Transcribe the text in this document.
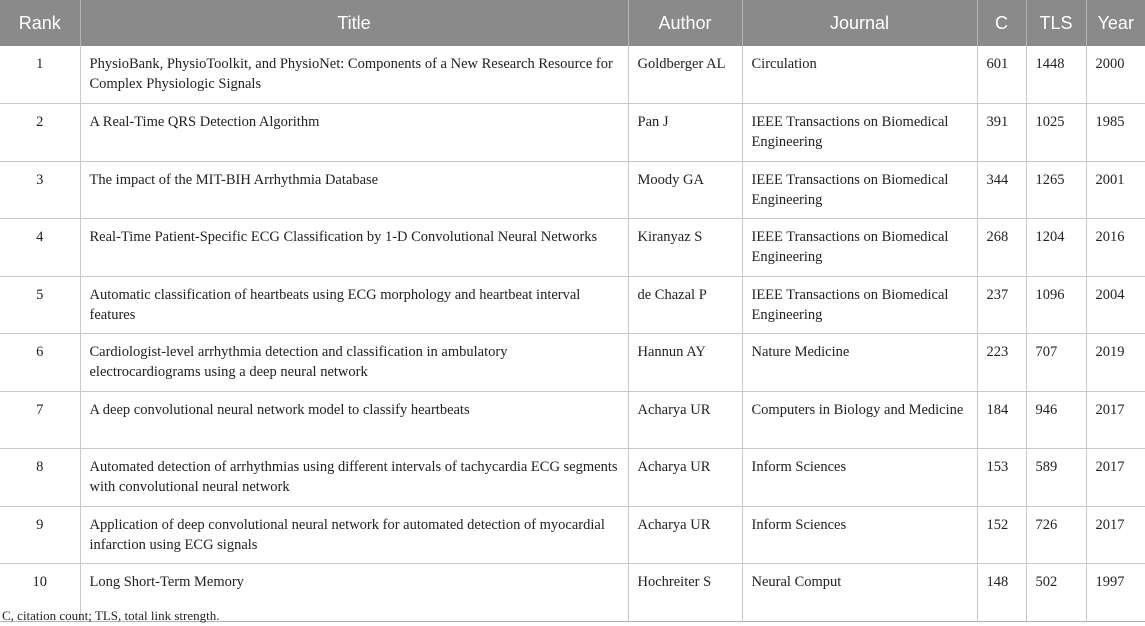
Rank	Title	Author	Journal	C	TLS	Year
1	PhysioBank, PhysioToolkit, and PhysioNet: Components of a New Research Resource for Complex Physiologic Signals	Goldberger AL	Circulation	601	1448	2000
2	A Real-Time QRS Detection Algorithm	Pan J	IEEE Transactions on Biomedical Engineering	391	1025	1985
3	The impact of the MIT-BIH Arrhythmia Database	Moody GA	IEEE Transactions on Biomedical Engineering	344	1265	2001
4	Real-Time Patient-Specific ECG Classification by 1-D Convolutional Neural Networks	Kiranyaz S	IEEE Transactions on Biomedical Engineering	268	1204	2016
5	Automatic classification of heartbeats using ECG morphology and heartbeat interval features	de Chazal P	IEEE Transactions on Biomedical Engineering	237	1096	2004
6	Cardiologist-level arrhythmia detection and classification in ambulatory electrocardiograms using a deep neural network	Hannun AY	Nature Medicine	223	707	2019
7	A deep convolutional neural network model to classify heartbeats	Acharya UR	Computers in Biology and Medicine	184	946	2017
8	Automated detection of arrhythmias using different intervals of tachycardia ECG segments with convolutional neural network	Acharya UR	Inform Sciences	153	589	2017
9	Application of deep convolutional neural network for automated detection of myocardial infarction using ECG signals	Acharya UR	Inform Sciences	152	726	2017
10	Long Short-Term Memory	Hochreiter S	Neural Comput	148	502	1997
C, citation count; TLS, total link strength.
